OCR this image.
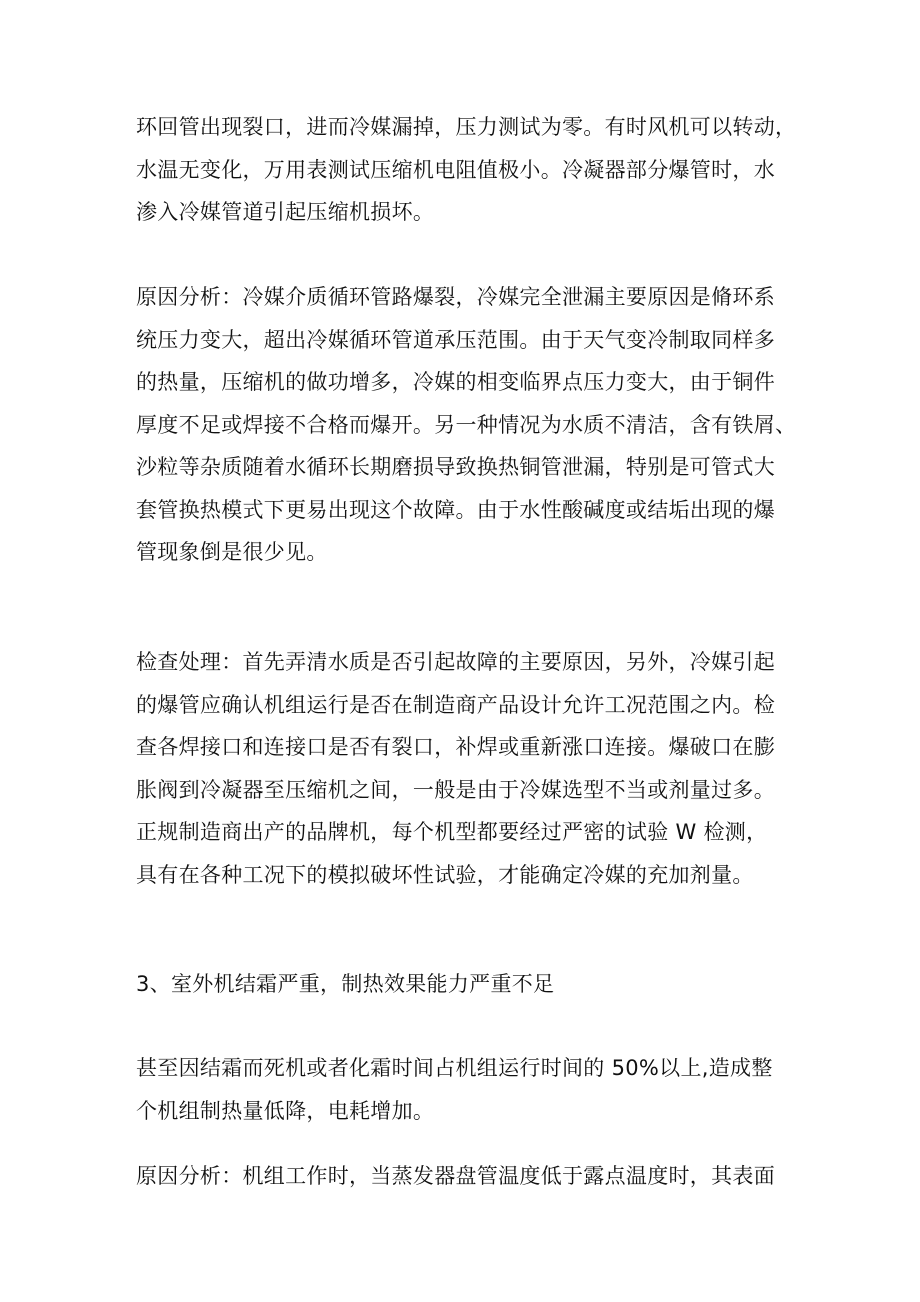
环回管出现裂口，进而冷媒漏掉，压力测试为零。有时风机可以转动，
水温无变化，万用表测试压缩机电阻值极小。冷凝器部分爆管时，水
渗入冷媒管道引起压缩机损坏。
原因分析：冷媒介质循环管路爆裂，冷媒完全泄漏主要原因是脩环系
统压力变大，超出冷媒循环管道承压范围。由于天气变冷制取同样多
的热量，压缩机的做功增多，冷媒的相变临界点压力变大，由于铜件
厚度不足或焊接不合格而爆开。另一种情况为水质不清洁，含有铁屑、
沙粒等杂质随着水循环长期磨损导致换热铜管泄漏，特别是可管式大
套管换热模式下更易出现这个故障。由于水性酸碱度或结垢出现的爆
管现象倒是很少见。
检查处理：首先弄清水质是否引起故障的主要原因，另外，冷媒引起
的爆管应确认机组运行是否在制造商产品设计允许工况范围之内。检
查各焊接口和连接口是否有裂口，补焊或重新涨口连接。爆破口在膨
胀阀到冷凝器至压缩机之间，一般是由于冷媒选型不当或剂量过多。
正规制造商出产的品牌机，每个机型都要经过严密的试验 W 检测，
具有在各种工况下的模拟破坏性试验，才能确定冷媒的充加剂量。
3、室外机结霜严重，制热效果能力严重不足
甚至因结霜而死机或者化霜时间占机组运行时间的 50%以上,造成整
个机组制热量低降，电耗增加。
原因分析：机组工作时，当蒸发器盘管温度低于露点温度时，其表面
